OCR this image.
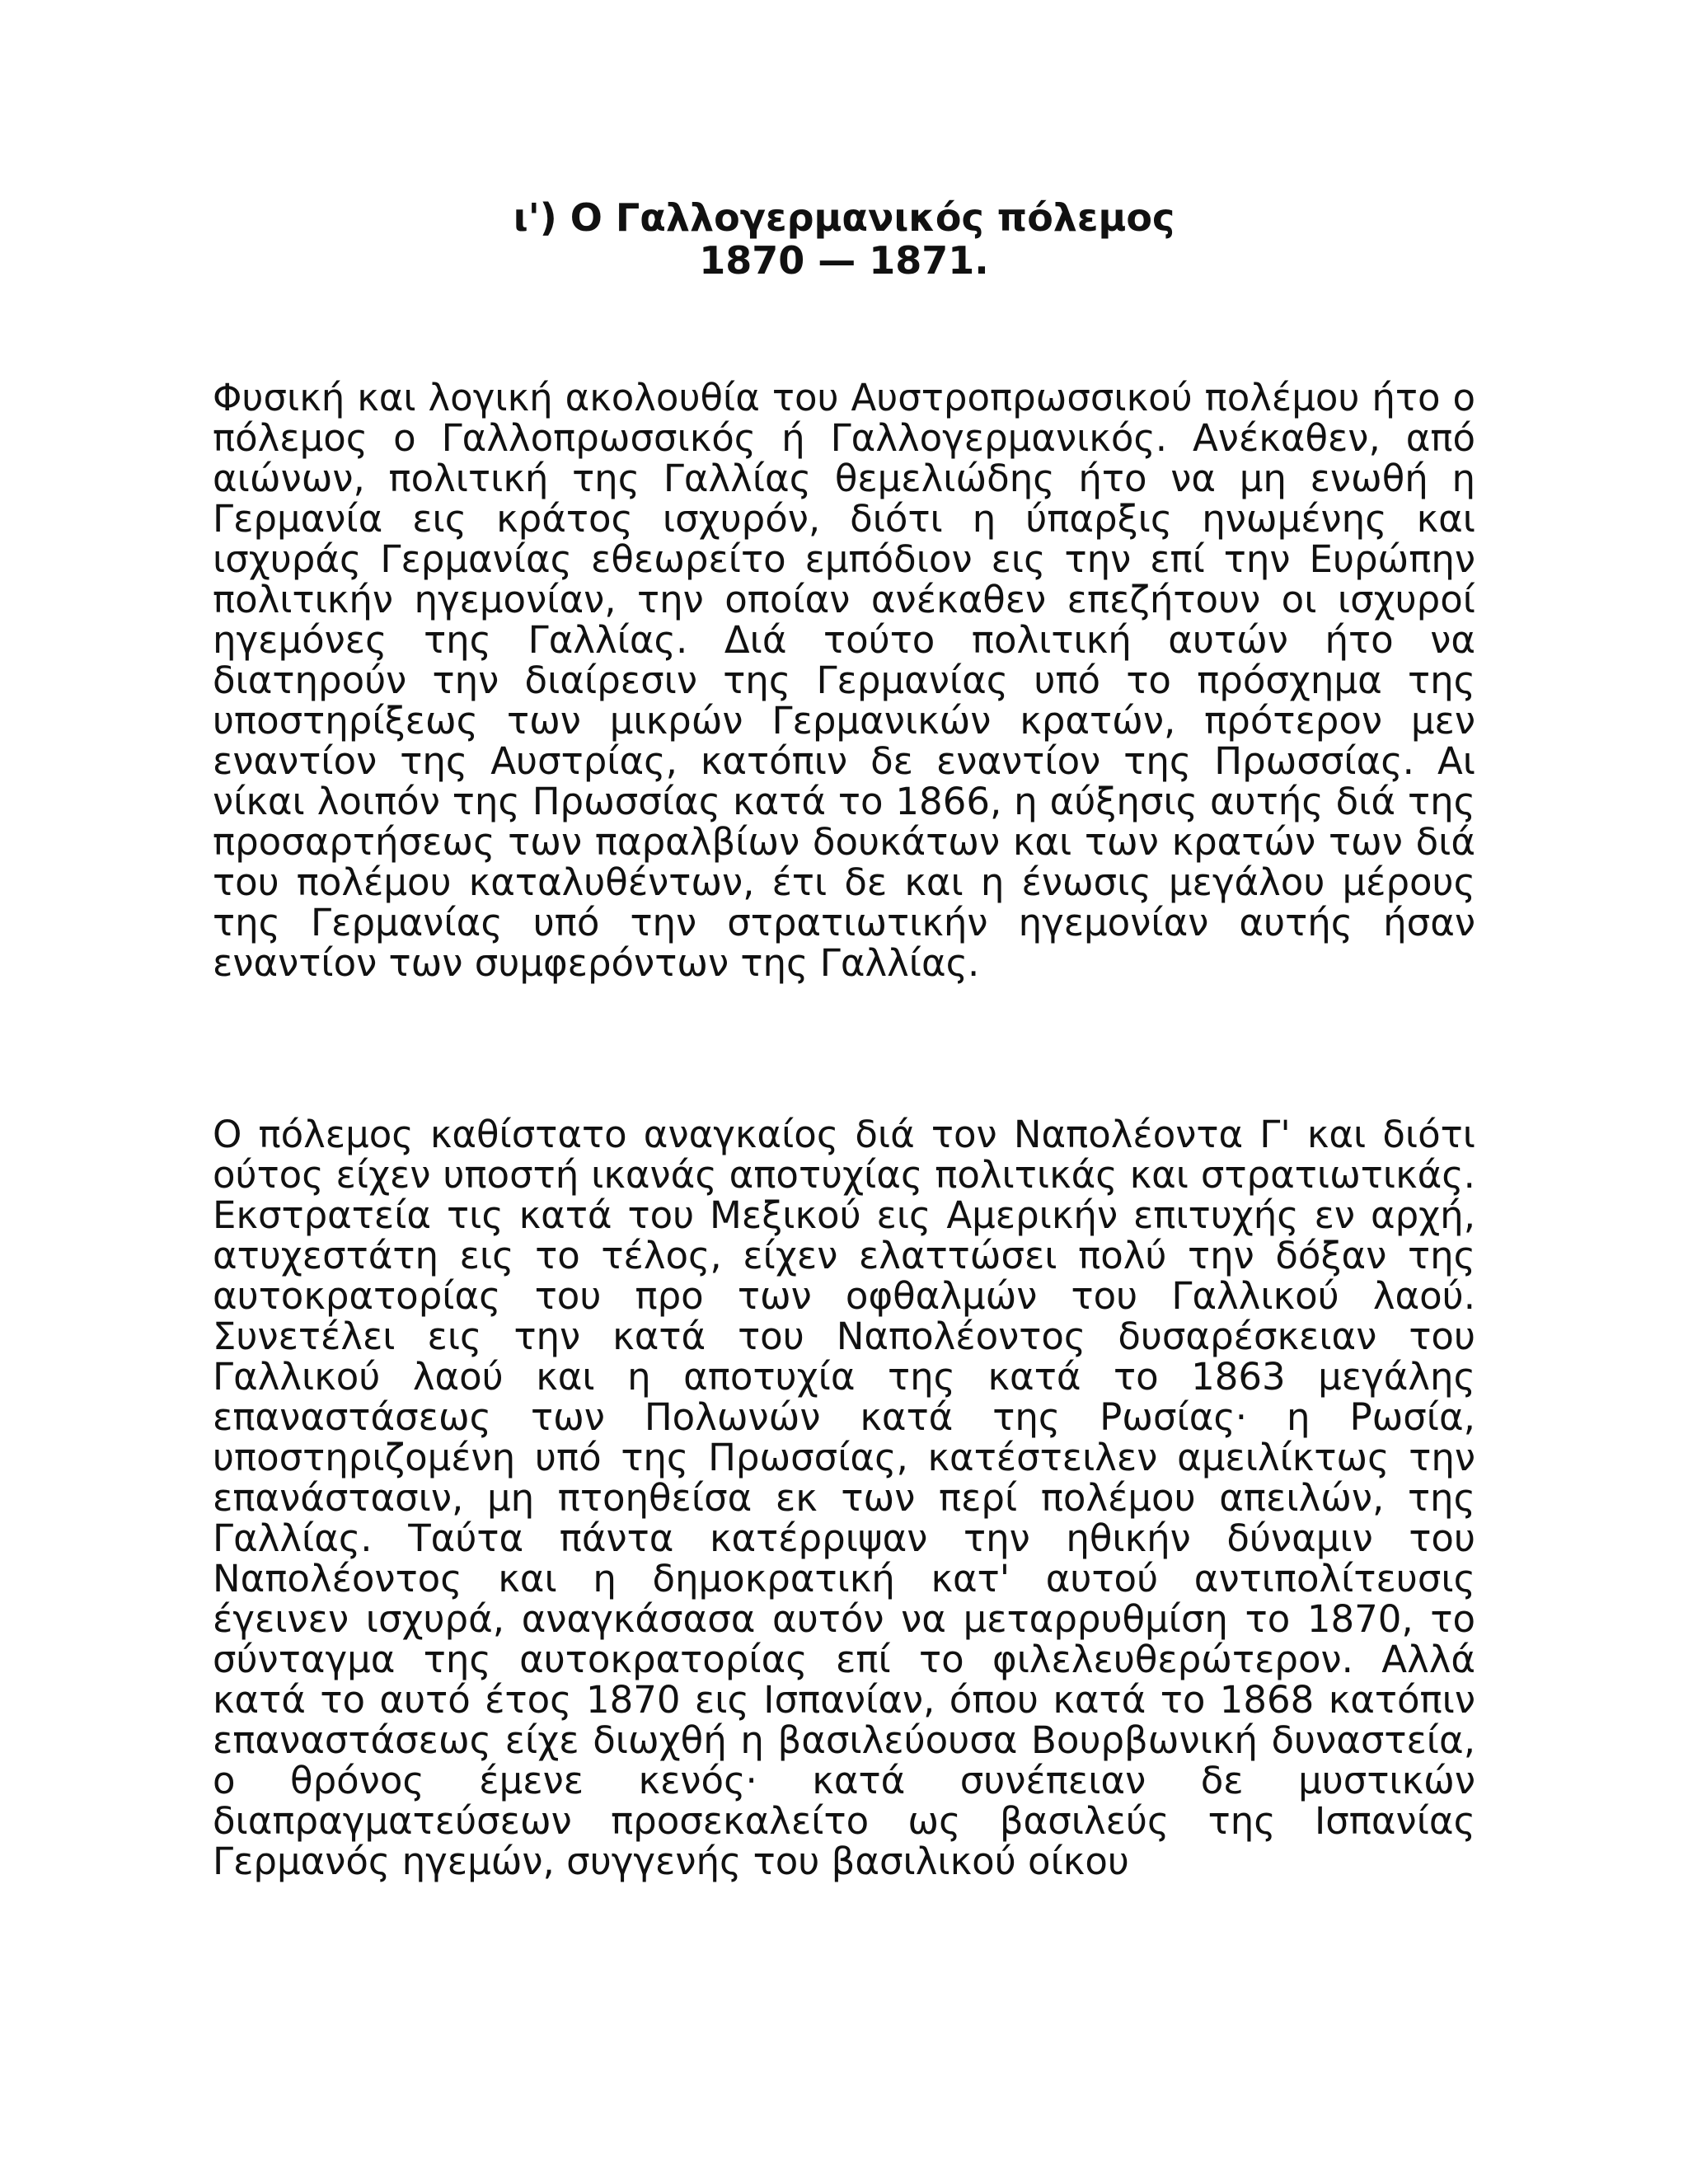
ι') Ο Γαλλογερμανικός πόλεμος
1870 — 1871.
Φυσική και λογική ακολουθία του Αυστροπρωσσικού πολέμου ήτο ο πόλεμος ο Γαλλοπρωσσικός ή Γαλλογερμανικός. Ανέκαθεν, από αιώνων, πολιτική της Γαλλίας θεμελιώδης ήτο να μη ενωθή η Γερμανία εις κράτος ισχυρόν, διότι η ύπαρξις ηνωμένης και ισχυράς Γερμανίας εθεωρείτο εμπόδιον εις την επί την Ευρώπην πολιτικήν ηγεμονίαν, την οποίαν ανέκαθεν επεζήτουν οι ισχυροί ηγεμόνες της Γαλλίας. Διά τούτο πολιτική αυτών ήτο να διατηρούν την διαίρεσιν της Γερμανίας υπό το πρόσχημα της υποστηρίξεως των μικρών Γερμανικών κρατών, πρότερον μεν εναντίον της Αυστρίας, κατόπιν δε εναντίον της Πρωσσίας. Αι νίκαι λοιπόν της Πρωσσίας κατά το 1866, η αύξησις αυτής διά της προσαρτήσεως των παραλβίων δουκάτων και των κρατών των διά του πολέμου καταλυθέντων, έτι δε και η ένωσις μεγάλου μέρους της Γερμανίας υπό την στρατιωτικήν ηγεμονίαν αυτής ήσαν εναντίον των συμφερόντων της Γαλλίας.
Ο πόλεμος καθίστατο αναγκαίος διά τον Ναπολέοντα Γ' και διότι ούτος είχεν υποστή ικανάς αποτυχίας πολιτικάς και στρατιωτικάς. Εκστρατεία τις κατά του Μεξικού εις Αμερικήν επιτυχής εν αρχή, ατυχεστάτη εις το τέλος, είχεν ελαττώσει πολύ την δόξαν της αυτοκρατορίας του προ των οφθαλμών του Γαλλικού λαού. Συνετέλει εις την κατά του Ναπολέοντος δυσαρέσκειαν του Γαλλικού λαού και η αποτυχία της κατά το 1863 μεγάλης επαναστάσεως των Πολωνών κατά της Ρωσίας· η Ρωσία, υποστηριζομένη υπό της Πρωσσίας, κατέστειλεν αμειλίκτως την επανάστασιν, μη πτοηθείσα εκ των περί πολέμου απειλών, της Γαλλίας. Ταύτα πάντα κατέρριψαν την ηθικήν δύναμιν του Ναπολέοντος και η δημοκρατική κατ' αυτού αντιπολίτευσις έγεινεν ισχυρά, αναγκάσασα αυτόν να μεταρρυθμίση το 1870, το σύνταγμα της αυτοκρατορίας επί το φιλελευθερώτερον. Αλλά κατά το αυτό έτος 1870 εις Ισπανίαν, όπου κατά το 1868 κατόπιν επαναστάσεως είχε διωχθή η βασιλεύουσα Βουρβωνική δυναστεία, ο θρόνος έμενε κενός· κατά συνέπειαν δε μυστικών διαπραγματεύσεων προσεκαλείτο ως βασιλεύς της Ισπανίας Γερμανός ηγεμών, συγγενής του βασιλικού οίκου
